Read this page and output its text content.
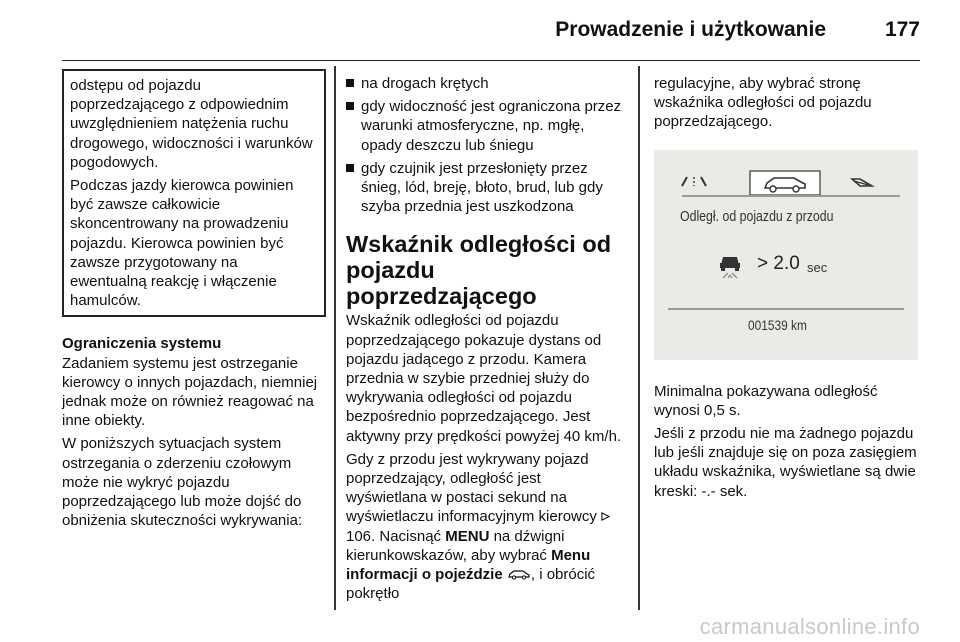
Prowadzenie i użytkowanie	177

odstępu od pojazdu poprzedzającego z odpowiednim uwzględnieniem natężenia ruchu drogowego, widoczności i warunków pogodowych.

Podczas jazdy kierowca powinien być zawsze całkowicie skoncentrowany na prowadzeniu pojazdu. Kierowca powinien być zawsze przygotowany na ewentualną reakcję i włączenie hamulców.

Ograniczenia systemu

Zadaniem systemu jest ostrzeganie kierowcy o innych pojazdach, niemniej jednak może on również reagować na inne obiekty.

W poniższych sytuacjach system ostrzegania o zderzeniu czołowym może nie wykryć pojazdu poprzedzającego lub może dojść do obniżenia skuteczności wykrywania:

na drogach krętych
gdy widoczność jest ograniczona przez warunki atmosferyczne, np. mgłę, opady deszczu lub śniegu
gdy czujnik jest przesłonięty przez śnieg, lód, breję, błoto, brud, lub gdy szyba przednia jest uszkodzona
Wskaźnik odległości od pojazdu poprzedzającego

Wskaźnik odległości od pojazdu poprzedzającego pokazuje dystans od pojazdu jadącego z przodu. Kamera przednia w szybie przedniej służy do wykrywania odległości od pojazdu bezpośrednio poprzedzającego. Jest aktywny przy prędkości powyżej 40 km/h.

Gdy z przodu jest wykrywany pojazd poprzedzający, odległość jest wyświetlana w postaci sekund na wyświetlaczu informacyjnym kierowcy  106. Nacisnąć MENU na dźwigni kierunkowskazów, aby wybrać Menu informacji o pojeździe , i obrócić pokrętło

regulacyjne, aby wybrać stronę wskaźnika odległości od pojazdu poprzedzającego.

Odległ. od pojazdu z przodu
> 2.0 sec
001539 km

Minimalna pokazywana odległość wynosi 0,5 s.

Jeśli z przodu nie ma żadnego pojazdu lub jeśli znajduje się on poza zasięgiem układu wskaźnika, wyświetlane są dwie kreski: -.- sek.

carmanualsonline.info
